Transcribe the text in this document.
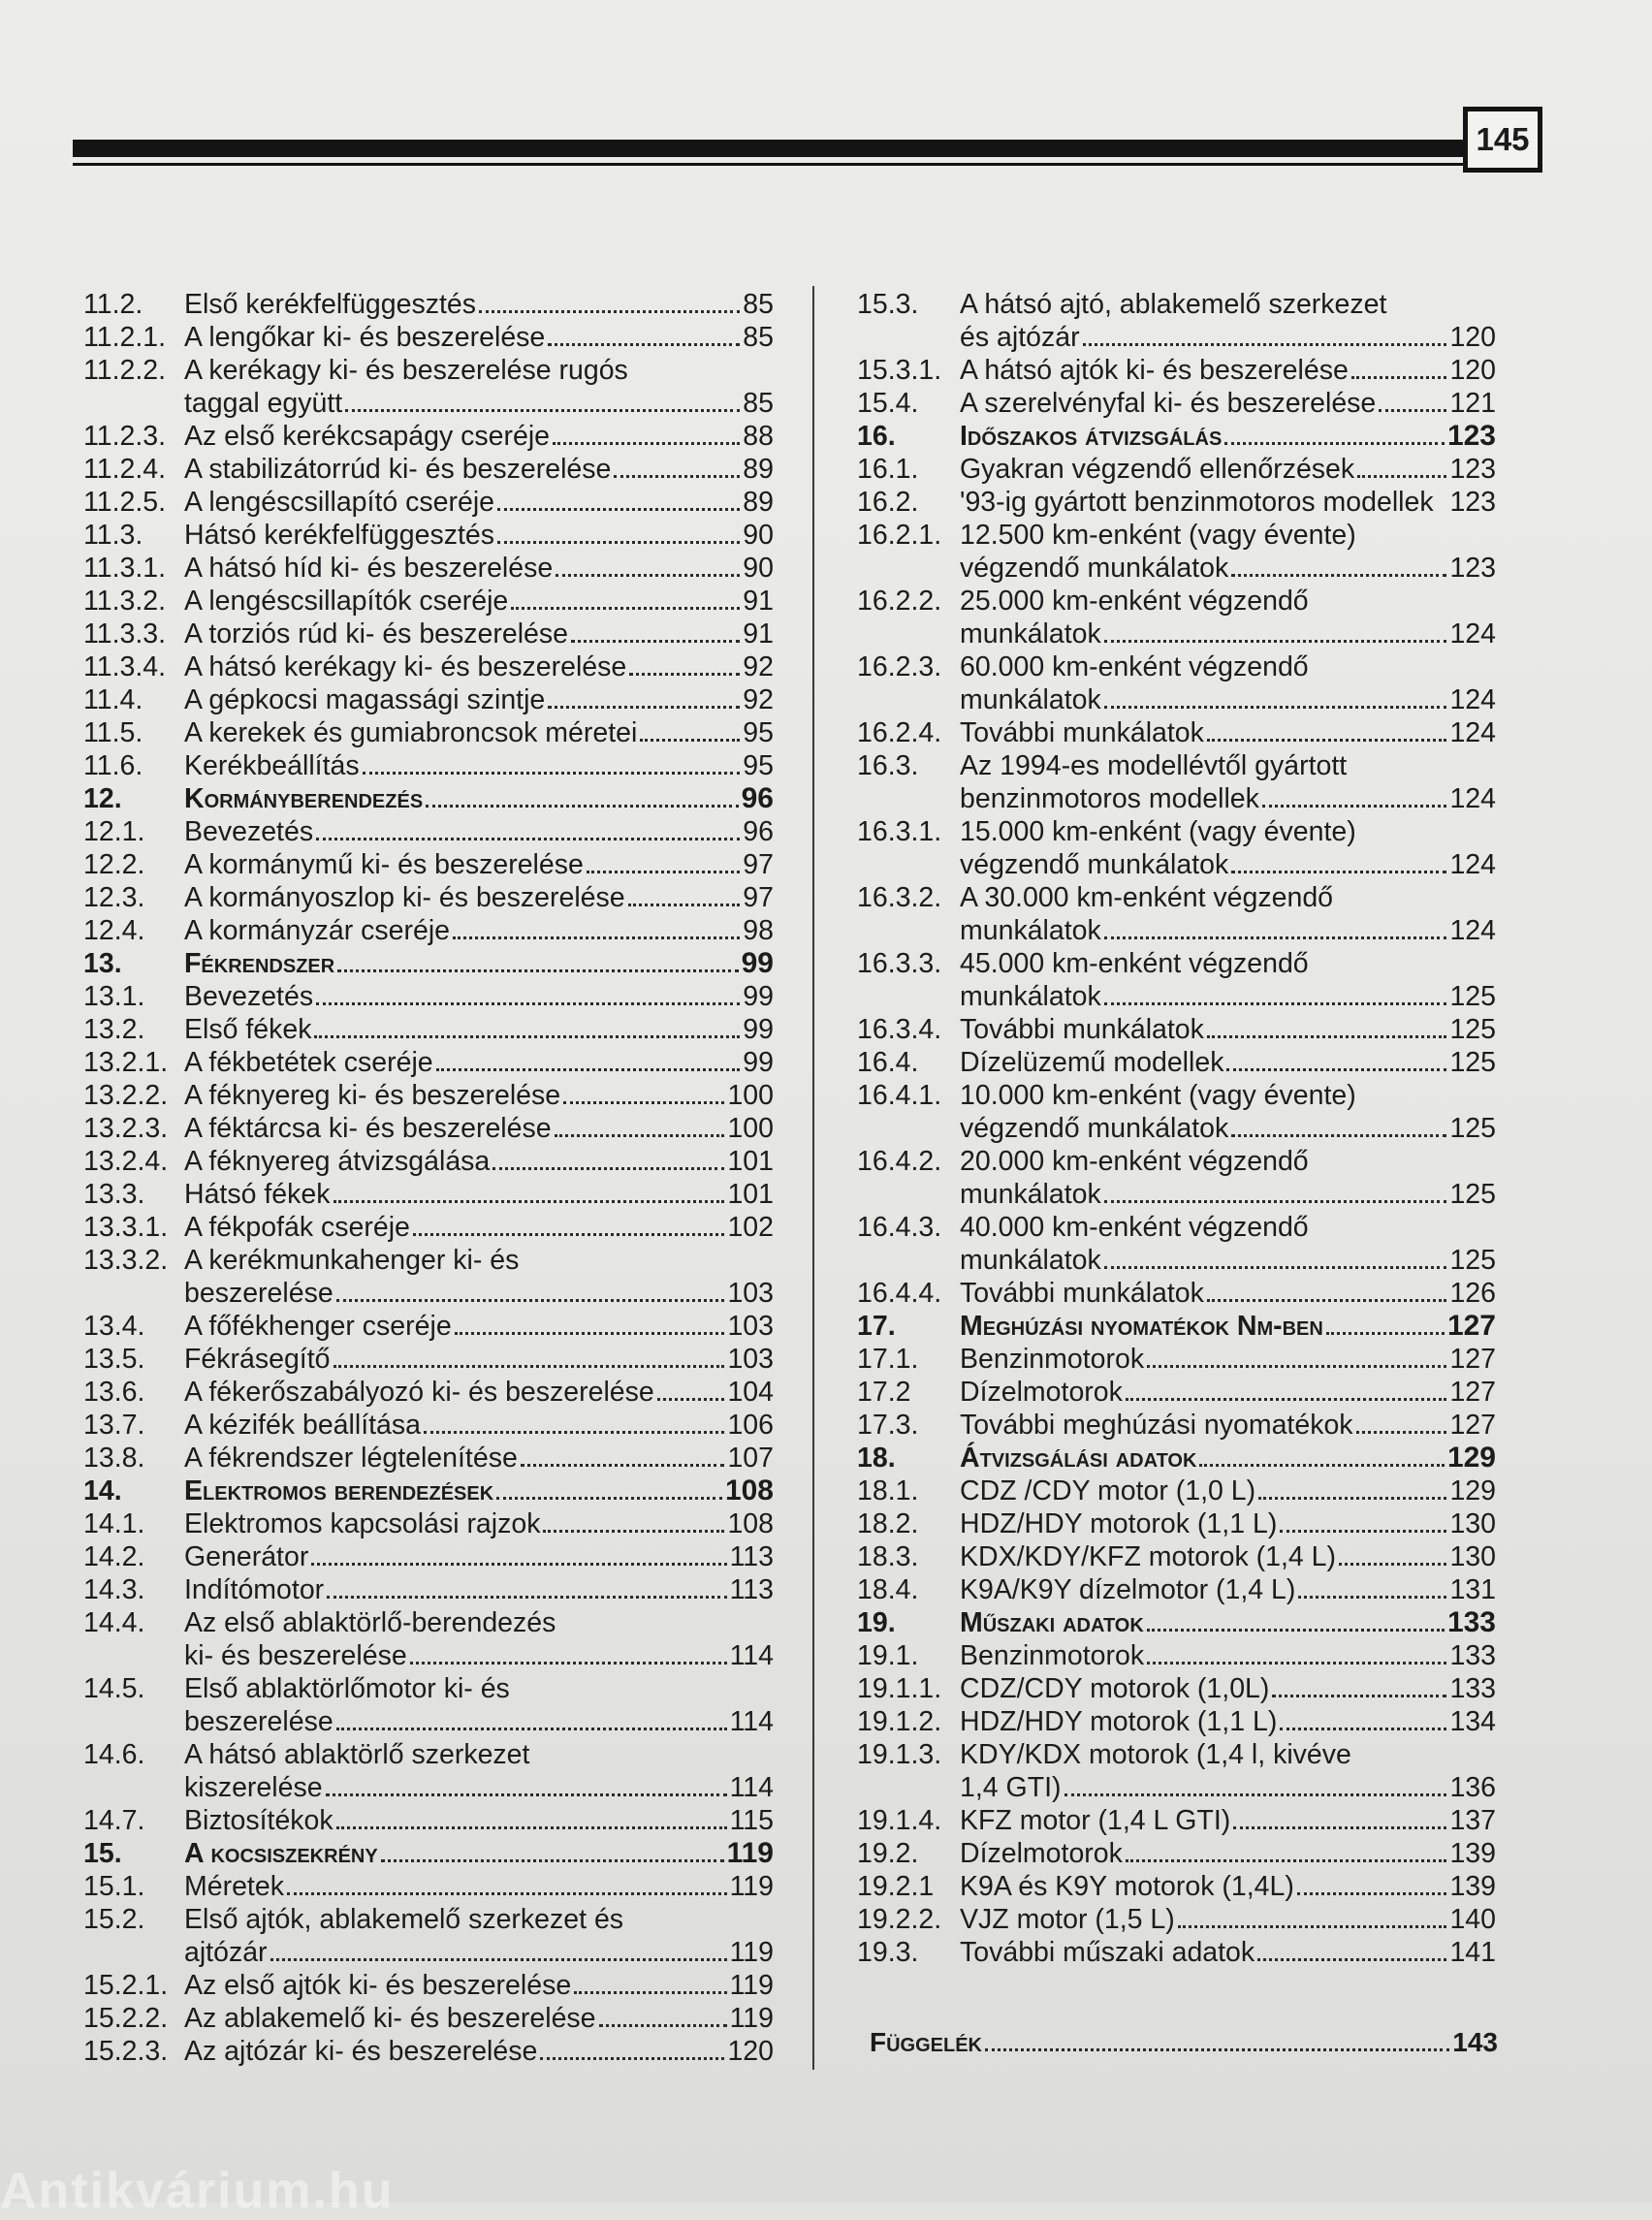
145
11.2. Első kerékfelfüggesztés	85
11.2.1. A lengőkar ki- és beszerelése	85
11.2.2. A kerékagy ki- és beszerelése rugós
taggal együtt	85
11.2.3. Az első kerékcsapágy cseréje	88
11.2.4. A stabilizátorrúd ki- és beszerelése	89
11.2.5. A lengéscsillapító cseréje	89
11.3. Hátsó kerékfelfüggesztés	90
11.3.1. A hátsó híd ki- és beszerelése	90
11.3.2. A lengéscsillapítók cseréje	91
11.3.3. A torziós rúd ki- és beszerelése	91
11.3.4. A hátsó kerékagy ki- és beszerelése	92
11.4. A gépkocsi magassági szintje	92
11.5. A kerekek és gumiabroncsok méretei	95
11.6. Kerékbeállítás	95
12. Kormányberendezés	96
12.1. Bevezetés	96
12.2. A kormánymű ki- és beszerelése	97
12.3. A kormányoszlop ki- és beszerelése	97
12.4. A kormányzár cseréje	98
13. Fékrendszer	99
13.1. Bevezetés	99
13.2. Első fékek	99
13.2.1. A fékbetétek cseréje	99
13.2.2. A féknyereg ki- és beszerelése	100
13.2.3. A féktárcsa ki- és beszerelése	100
13.2.4. A féknyereg átvizsgálása	101
13.3. Hátsó fékek	101
13.3.1. A fékpofák cseréje	102
13.3.2. A kerékmunkahenger ki- és
beszerelése	103
13.4. A főfékhenger cseréje	103
13.5. Fékrásegítő	103
13.6. A fékerőszabályozó ki- és beszerelése	104
13.7. A kézifék beállítása	106
13.8. A fékrendszer légtelenítése	107
14. Elektromos berendezések	108
14.1. Elektromos kapcsolási rajzok	108
14.2. Generátor	113
14.3. Indítómotor	113
14.4. Az első ablaktörlő-berendezés
ki- és beszerelése	114
14.5. Első ablaktörlőmotor ki- és
beszerelése	114
14.6. A hátsó ablaktörlő szerkezet
kiszerelése	114
14.7. Biztosítékok	115
15. A kocsiszekrény	119
15.1. Méretek	119
15.2. Első ajtók, ablakemelő szerkezet és
ajtózár	119
15.2.1. Az első ajtók ki- és beszerelése	119
15.2.2. Az ablakemelő ki- és beszerelése	119
15.2.3. Az ajtózár ki- és beszerelése	120
15.3. A hátsó ajtó, ablakemelő szerkezet
és ajtózár	120
15.3.1. A hátsó ajtók ki- és beszerelése	120
15.4. A szerelvényfal ki- és beszerelése	121
16. Időszakos átvizsgálás	123
16.1. Gyakran végzendő ellenőrzések	123
16.2. '93-ig gyártott benzinmotoros modellek 123
16.2.1. 12.500 km-enként (vagy évente)
végzendő munkálatok	123
16.2.2. 25.000 km-enként végzendő
munkálatok	124
16.2.3. 60.000 km-enként végzendő
munkálatok	124
16.2.4. További munkálatok	124
16.3. Az 1994-es modellévtől gyártott
benzinmotoros modellek	124
16.3.1. 15.000 km-enként (vagy évente)
végzendő munkálatok	124
16.3.2. A 30.000 km-enként végzendő
munkálatok	124
16.3.3. 45.000 km-enként végzendő
munkálatok	125
16.3.4. További munkálatok	125
16.4. Dízelüzemű modellek	125
16.4.1. 10.000 km-enként (vagy évente)
végzendő munkálatok	125
16.4.2. 20.000 km-enként végzendő
munkálatok	125
16.4.3. 40.000 km-enként végzendő
munkálatok	125
16.4.4. További munkálatok	126
17. Meghúzási nyomatékok Nm-ben	127
17.1. Benzinmotorok	127
17.2 Dízelmotorok	127
17.3. További meghúzási nyomatékok	127
18. Átvizsgálási adatok	129
18.1. CDZ /CDY motor (1,0 L)	129
18.2. HDZ/HDY motorok (1,1 L)	130
18.3. KDX/KDY/KFZ motorok (1,4 L)	130
18.4. K9A/K9Y dízelmotor (1,4 L)	131
19. Műszaki adatok	133
19.1. Benzinmotorok	133
19.1.1. CDZ/CDY motorok (1,0L)	133
19.1.2. HDZ/HDY motorok (1,1 L)	134
19.1.3. KDY/KDX motorok (1,4 l, kivéve
1,4 GTI)	136
19.1.4. KFZ motor (1,4 L GTI)	137
19.2. Dízelmotorok	139
19.2.1 K9A és K9Y motorok (1,4L)	139
19.2.2. VJZ motor (1,5 L)	140
19.3. További műszaki adatok	141
Függelék	143
Antikvárium.hu
